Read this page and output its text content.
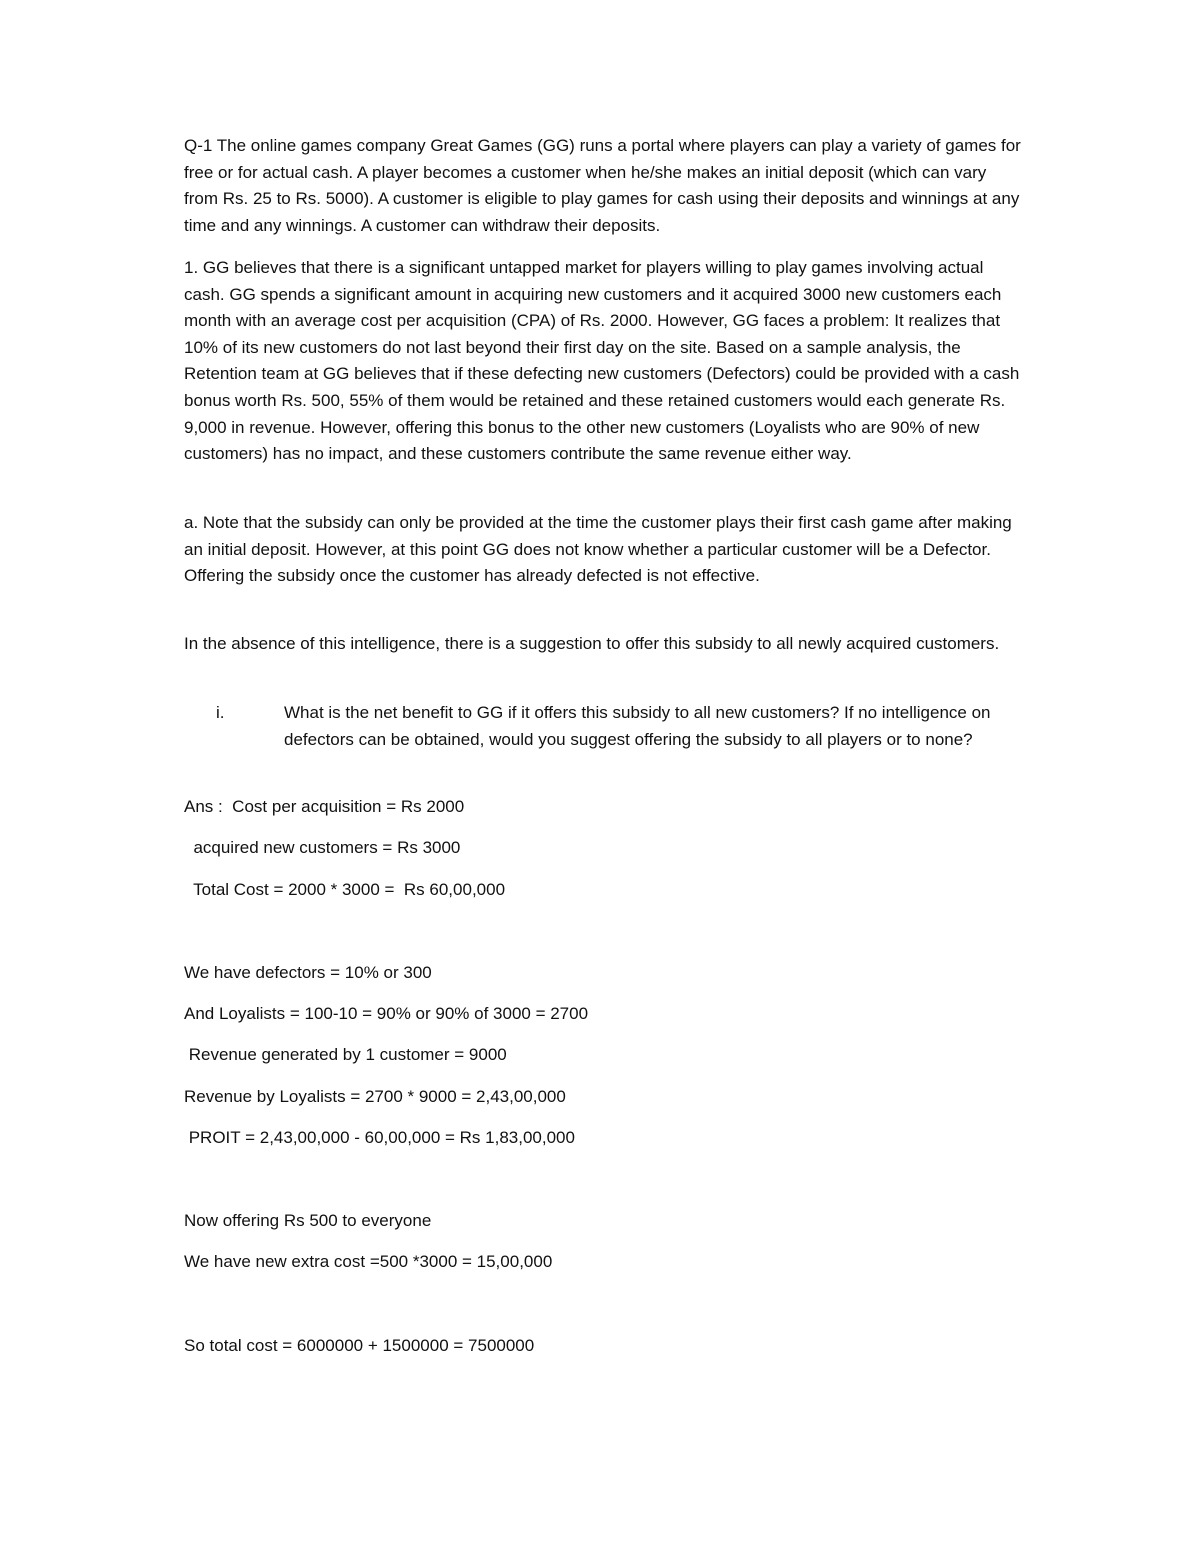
Q-1 The online games company Great Games (GG) runs a portal where players can play a variety of games for free or for actual cash. A player becomes a customer when he/she makes an initial deposit (which can vary from Rs. 25 to Rs. 5000). A customer is eligible to play games for cash using their deposits and winnings at any time and any winnings. A customer can withdraw their deposits.

1. GG believes that there is a significant untapped market for players willing to play games involving actual cash. GG spends a significant amount in acquiring new customers and it acquired 3000 new customers each month with an average cost per acquisition (CPA) of Rs. 2000. However, GG faces a problem: It realizes that 10% of its new customers do not last beyond their first day on the site. Based on a sample analysis, the Retention team at GG believes that if these defecting new customers (Defectors) could be provided with a cash bonus worth Rs. 500, 55% of them would be retained and these retained customers would each generate Rs. 9,000 in revenue. However, offering this bonus to the other new customers (Loyalists who are 90% of new customers) has no impact, and these customers contribute the same revenue either way.

a. Note that the subsidy can only be provided at the time the customer plays their first cash game after making an initial deposit. However, at this point GG does not know whether a particular customer will be a Defector. Offering the subsidy once the customer has already defected is not effective.

In the absence of this intelligence, there is a suggestion to offer this subsidy to all newly acquired customers.

i.	What is the net benefit to GG if it offers this subsidy to all new customers? If no intelligence on defectors can be obtained, would you suggest offering the subsidy to all players or to none?

Ans :  Cost per acquisition = Rs 2000
acquired new customers = Rs 3000
Total Cost = 2000 * 3000 =  Rs 60,00,000
We have defectors = 10% or 300
And Loyalists = 100-10 = 90% or 90% of 3000 = 2700
Revenue generated by 1 customer = 9000
Revenue by Loyalists = 2700 * 9000 = 2,43,00,000
PROIT = 2,43,00,000 - 60,00,000 = Rs 1,83,00,000
Now offering Rs 500 to everyone
We have new extra cost =500 *3000 = 15,00,000
So total cost = 6000000 + 1500000 = 7500000
